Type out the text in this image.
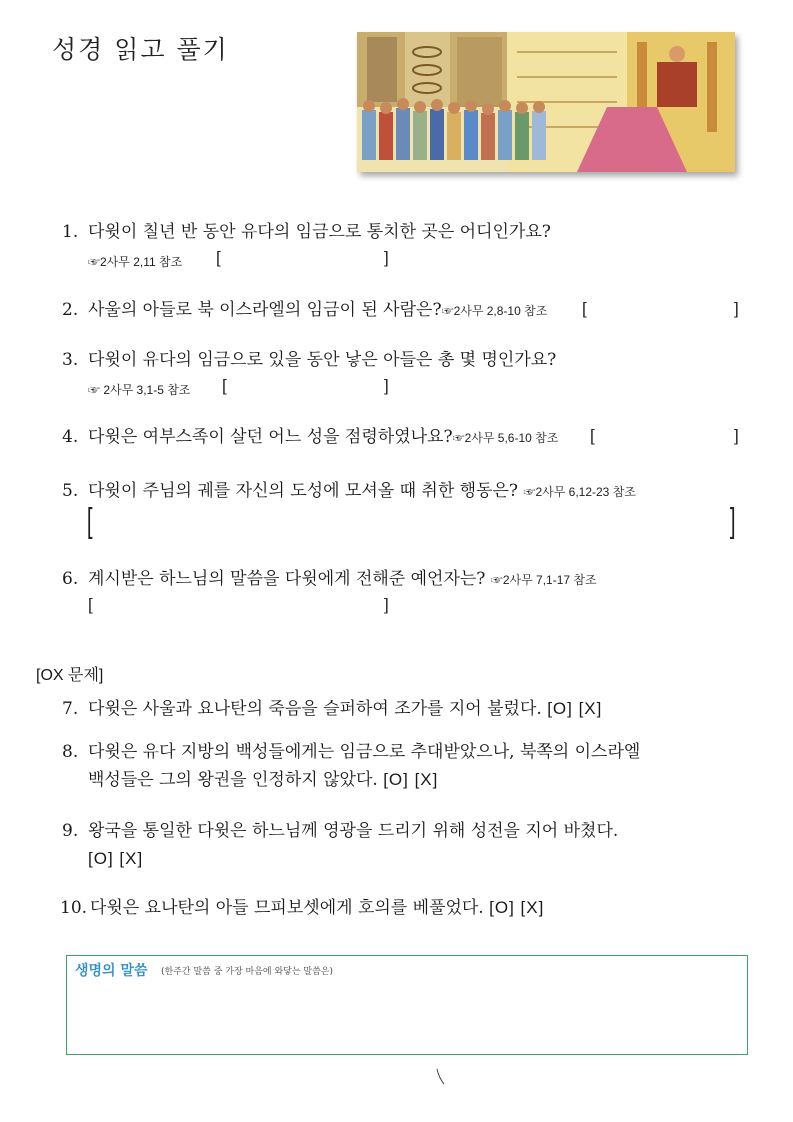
성경 읽고 풀기
1. 다윗이 칠년 반 동안 유다의 임금으로 통치한 곳은 어디인가요?
☞2사무 2,11 참조 [	]
2. 사울의 아들로 북 이스라엘의 임금이 된 사람은?☞2사무 2,8-10 참조 [	]
3. 다윗이 유다의 임금으로 있을 동안 낳은 아들은 총 몇 명인가요?
☞ 2사무 3,1-5 참조 [	]
4. 다윗은 여부스족이 살던 어느 성을 점령하였나요?☞2사무 5,6-10 참조 [	]
5. 다윗이 주님의 궤를 자신의 도성에 모셔올 때 취한 행동은? ☞2사무 6,12-23 참조
[	]
6. 계시받은 하느님의 말씀을 다윗에게 전해준 예언자는? ☞2사무 7,1-17 참조
[	]
[OX 문제]
7. 다윗은 사울과 요나탄의 죽음을 슬퍼하여 조가를 지어 불렀다. [O] [X]
8. 다윗은 유다 지방의 백성들에게는 임금으로 추대받았으나, 북쪽의 이스라엘
백성들은 그의 왕권을 인정하지 않았다. [O] [X]
9. 왕국을 통일한 다윗은 하느님께 영광을 드리기 위해 성전을 지어 바쳤다.
[O] [X]
10. 다윗은 요나탄의 아들 므피보셋에게 호의를 베풀었다. [O] [X]
생명의 말씀 (한주간 말씀 중 가장 마음에 와닿는 말씀은)
